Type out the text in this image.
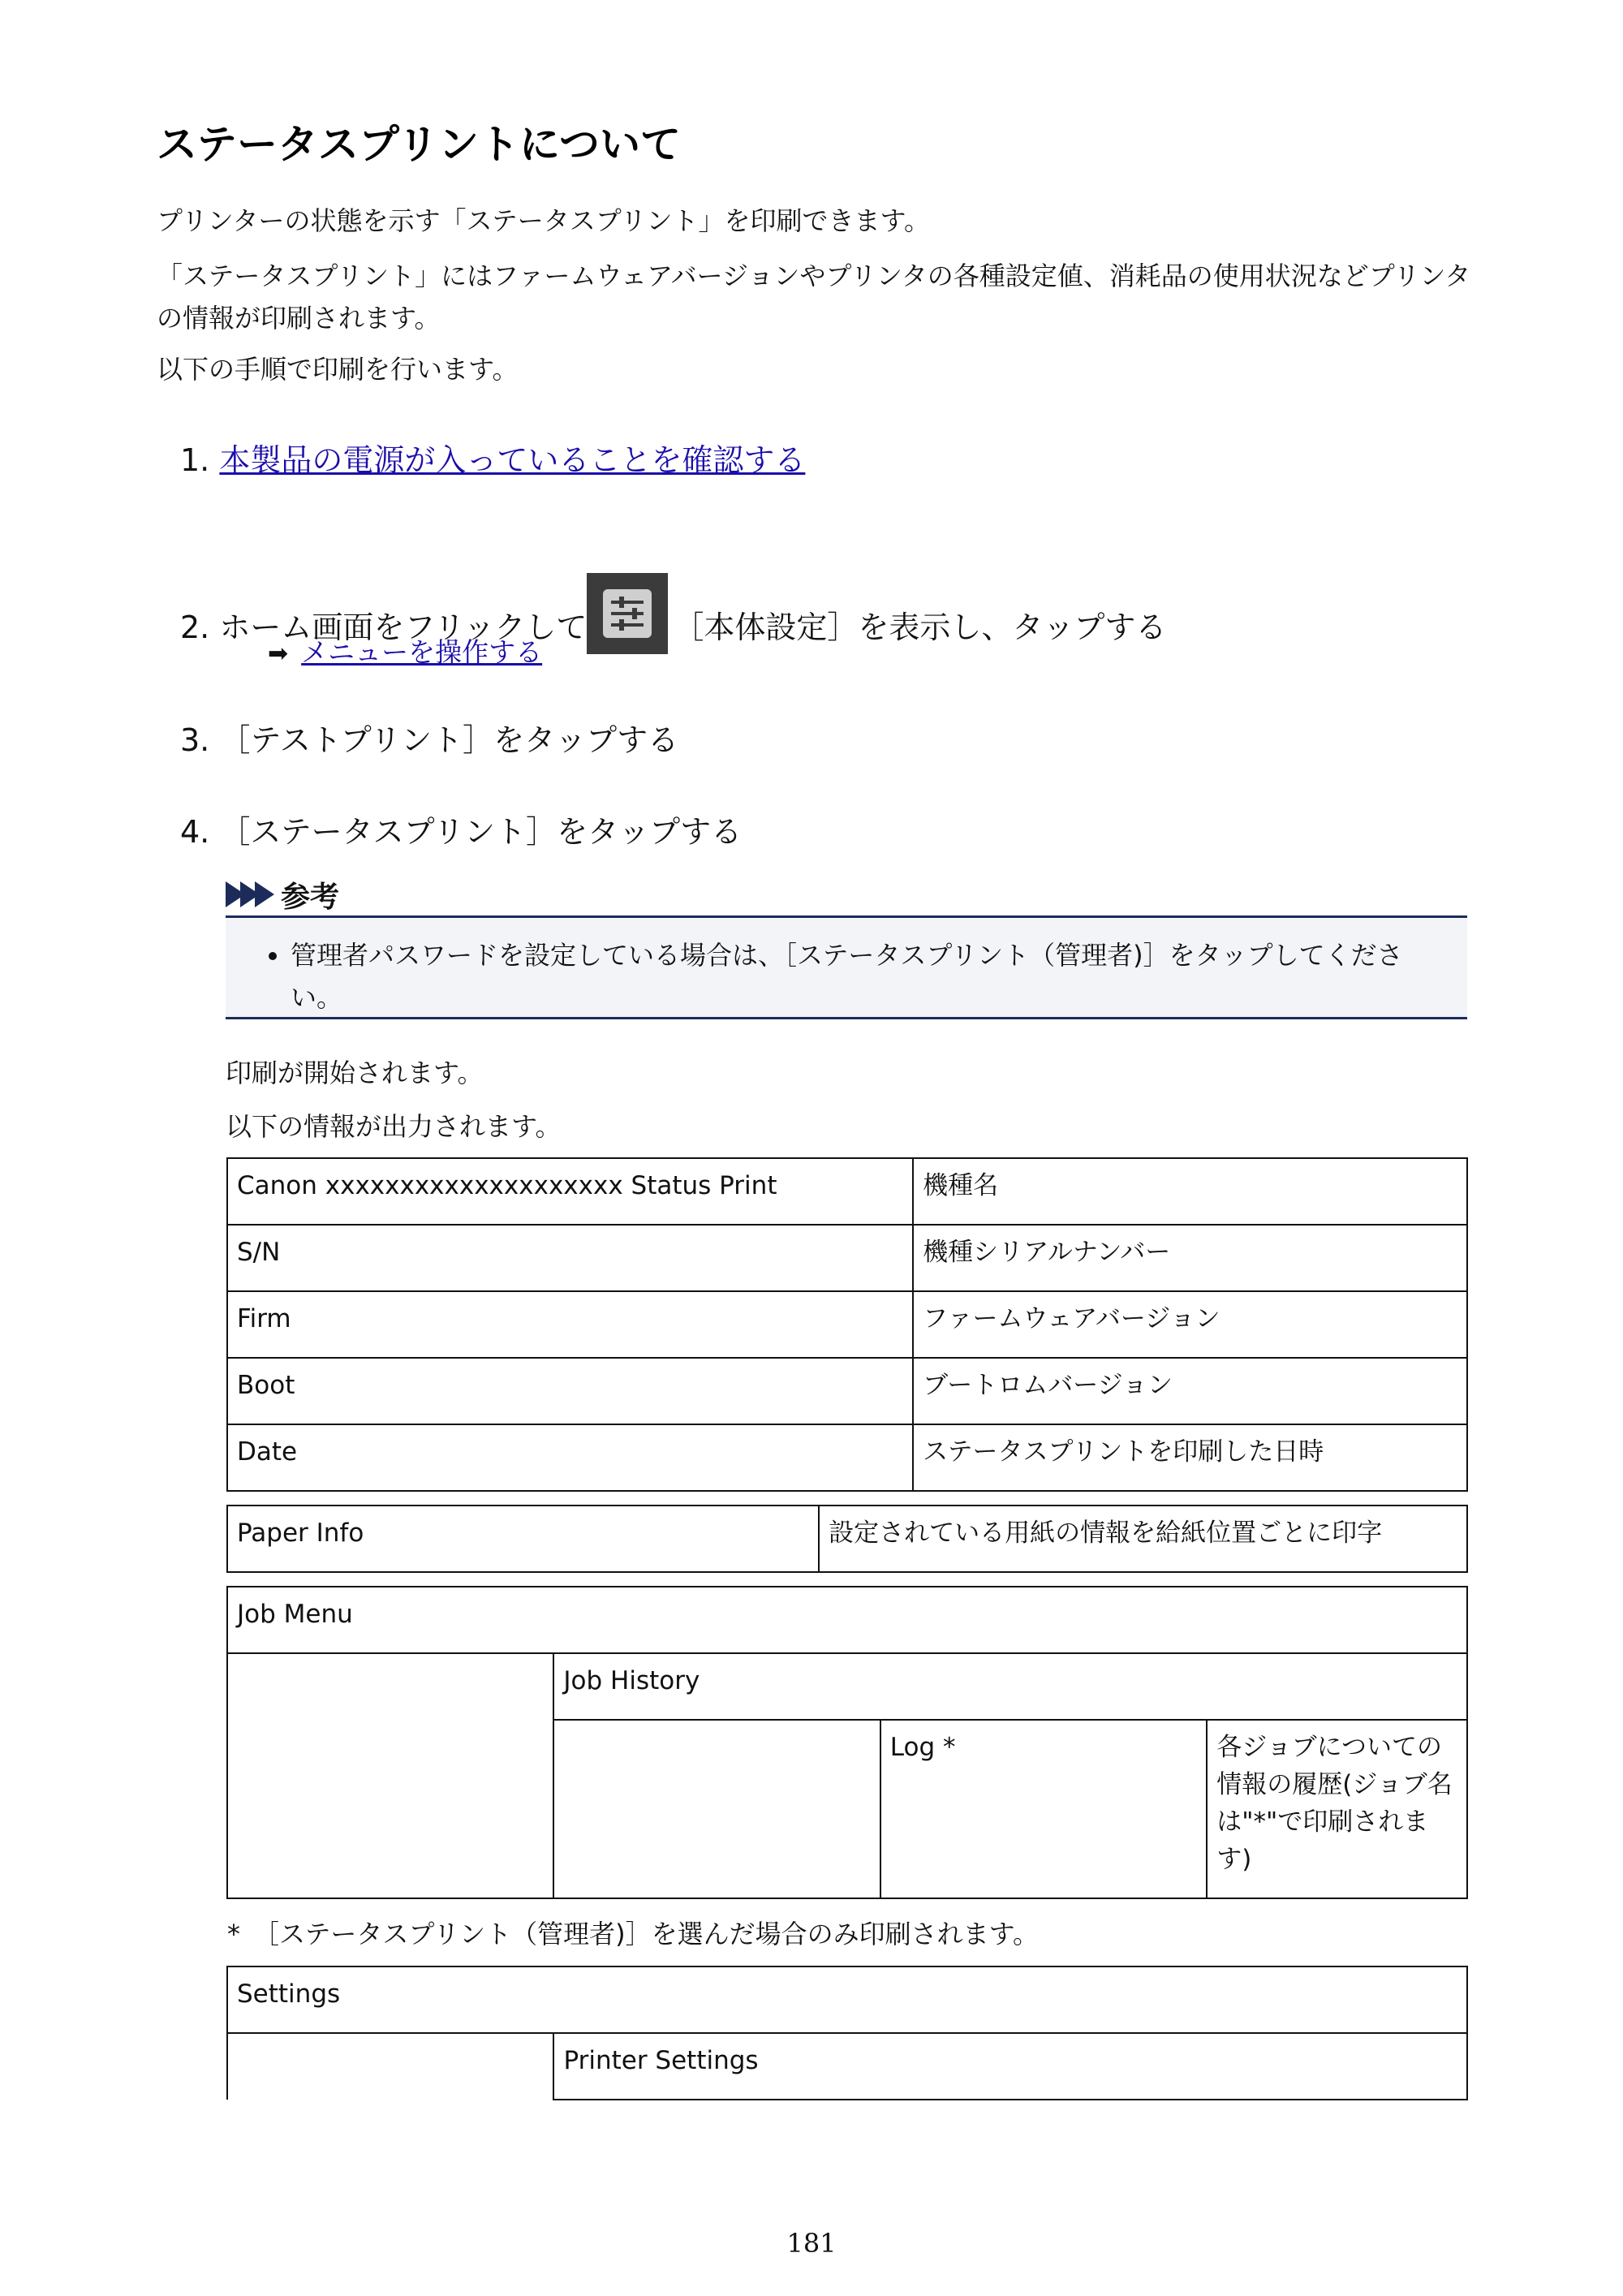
ステータスプリントについて

プリンターの状態を示す「ステータスプリント」を印刷できます。

「ステータスプリント」にはファームウェアバージョンやプリンタの各種設定値、消耗品の使用状況などプリンタの情報が印刷されます。

以下の手順で印刷を行います。

1. 本製品の電源が入っていることを確認する
2. ホーム画面をフリックして	［本体設定］を表示し、タップする
➡ メニューを操作する
3. ［テストプリント］をタップする
4. ［ステータスプリント］をタップする
参考
• 管理者パスワードを設定している場合は、［ステータスプリント（管理者)］をタップしてください。

印刷が開始されます。

以下の情報が出力されます。

Canon xxxxxxxxxxxxxxxxxxxx Status Print	機種名
S/N	機種シリアルナンバー
Firm	ファームウェアバージョン
Boot	ブートロムバージョン
Date	ステータスプリントを印刷した日時
Paper Info	設定されている用紙の情報を給紙位置ごとに印字
Job Menu			
	Job History		
		Log *	各ジョブについての情報の履歴(ジョブ名は"*"で印刷されます)
*　［ステータスプリント（管理者)］を選んだ場合のみ印刷されます。
Settings
	Printer Settings
181
